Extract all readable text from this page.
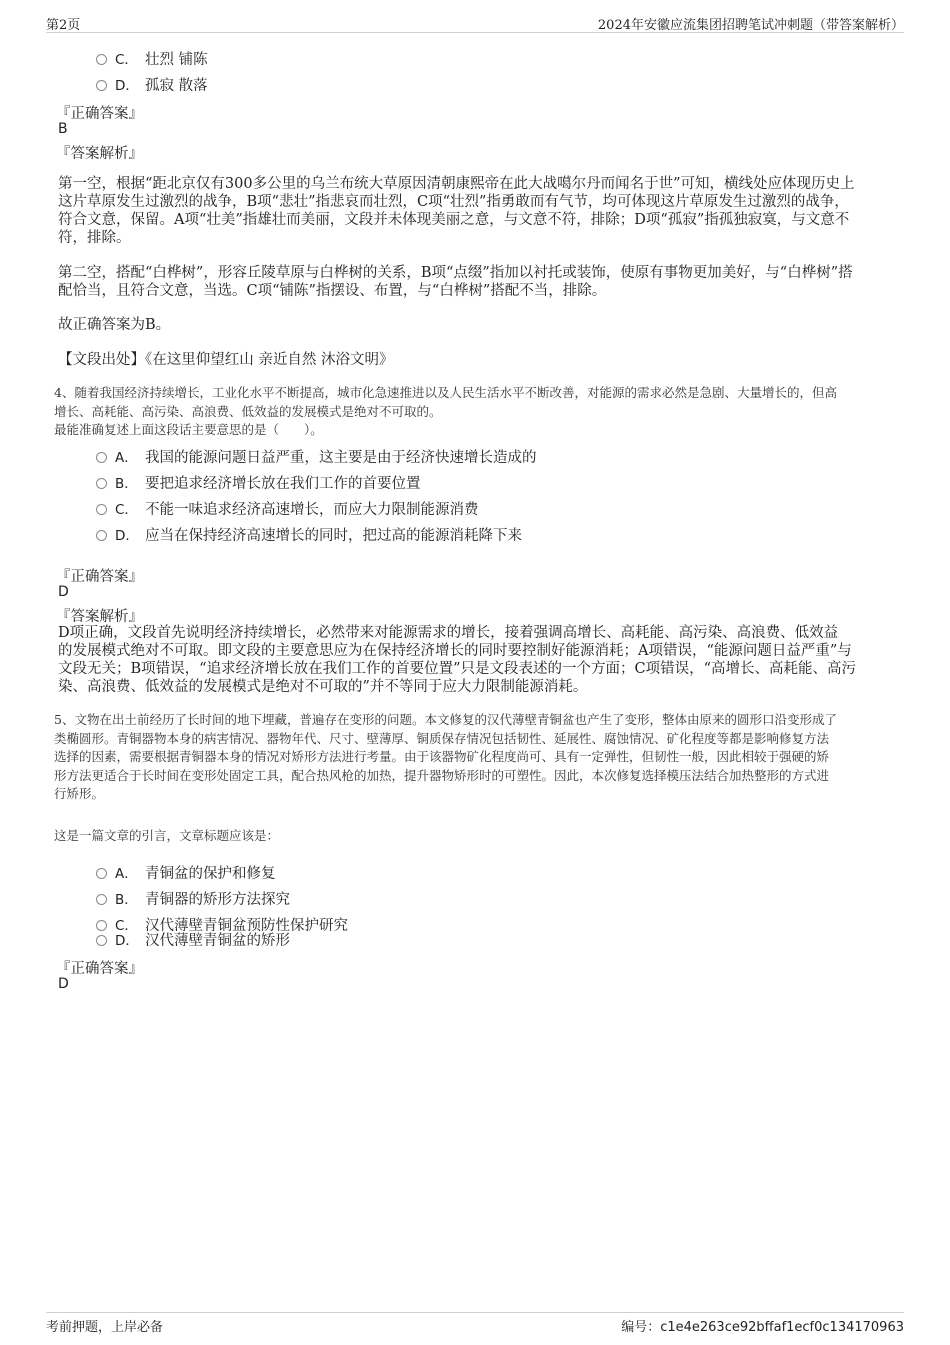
第2页	2024年安徽应流集团招聘笔试冲刺题（带答案解析）
C． 壮烈 铺陈
D． 孤寂 散落
『正确答案』
B
『答案解析』
第一空，根据“距北京仅有300多公里的乌兰布统大草原因清朝康熙帝在此大战噶尔丹而闻名于世”可知，横线处应体现历史上
这片草原发生过激烈的战争，B项“悲壮”指悲哀而壮烈，C项“壮烈”指勇敢而有气节，均可体现这片草原发生过激烈的战争，
符合文意，保留。A项“壮美”指雄壮而美丽，文段并未体现美丽之意，与文意不符，排除；D项“孤寂”指孤独寂寞，与文意不
符，排除。
第二空，搭配“白桦树”，形容丘陵草原与白桦树的关系，B项“点缀”指加以衬托或装饰，使原有事物更加美好，与“白桦树”搭
配恰当，且符合文意，当选。C项“铺陈”指摆设、布置，与“白桦树”搭配不当，排除。
故正确答案为B。
【文段出处】《在这里仰望红山 亲近自然 沐浴文明》
4、随着我国经济持续增长，工业化水平不断提高，城市化急速推进以及人民生活水平不断改善，对能源的需求必然是急剧、大量增长的，但高
增长、高耗能、高污染、高浪费、低效益的发展模式是绝对不可取的。
最能准确复述上面这段话主要意思的是（　　）。
A． 我国的能源问题日益严重，这主要是由于经济快速增长造成的
B． 要把追求经济增长放在我们工作的首要位置
C． 不能一味追求经济高速增长，而应大力限制能源消费
D． 应当在保持经济高速增长的同时，把过高的能源消耗降下来
『正确答案』
D
『答案解析』
D项正确，文段首先说明经济持续增长，必然带来对能源需求的增长，接着强调高增长、高耗能、高污染、高浪费、低效益
的发展模式绝对不可取。即文段的主要意思应为在保持经济增长的同时要控制好能源消耗；A项错误，“能源问题日益严重”与
文段无关；B项错误，“追求经济增长放在我们工作的首要位置”只是文段表述的一个方面；C项错误，“高增长、高耗能、高污
染、高浪费、低效益的发展模式是绝对不可取的”并不等同于应大力限制能源消耗。
5、文物在出土前经历了长时间的地下埋藏，普遍存在变形的问题。本文修复的汉代薄壁青铜盆也产生了变形，整体由原来的圆形口沿变形成了
类椭圆形。青铜器物本身的病害情况、器物年代、尺寸、壁薄厚、铜质保存情况包括韧性、延展性、腐蚀情况、矿化程度等都是影响修复方法
选择的因素，需要根据青铜器本身的情况对矫形方法进行考量。由于该器物矿化程度尚可、具有一定弹性，但韧性一般，因此相较于强硬的矫
形方法更适合于长时间在变形处固定工具，配合热风枪的加热，提升器物矫形时的可塑性。因此，本次修复选择模压法结合加热整形的方式进
行矫形。
这是一篇文章的引言，文章标题应该是：
A． 青铜盆的保护和修复
B． 青铜器的矫形方法探究
C． 汉代薄壁青铜盆预防性保护研究
D． 汉代薄壁青铜盆的矫形
『正确答案』
D
考前押题，上岸必备	编号：c1e4e263ce92bffaf1ecf0c134170963
